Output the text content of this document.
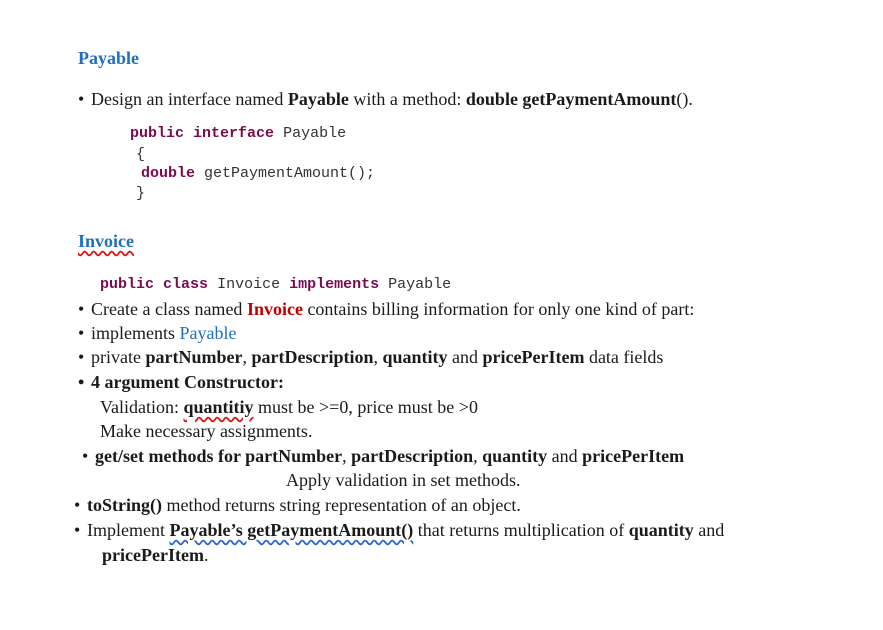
Payable
• Design an interface named Payable with a method: double getPaymentAmount().
public interface Payable
{
double getPaymentAmount();
}
Invoice
public class Invoice implements Payable
• Create a class named Invoice contains billing information for only one kind of part:
• implements Payable
• private partNumber, partDescription, quantity and pricePerItem data fields
• 4 argument Constructor:
Validation: quantitiy must be >=0, price must be >0
Make necessary assignments.
• get/set methods for partNumber, partDescription, quantity and pricePerItem
Apply validation in set methods.
• toString() method returns string representation of an object.
• Implement Payable’s getPaymentAmount() that returns multiplication of quantity and
pricePerItem.
